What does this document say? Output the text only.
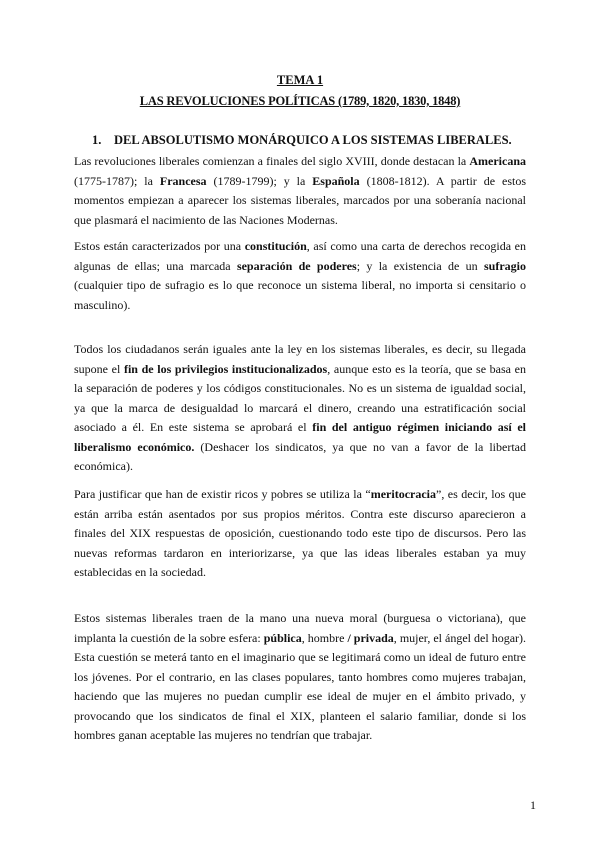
TEMA 1
LAS REVOLUCIONES POLÍTICAS (1789, 1820, 1830, 1848)
1. DEL ABSOLUTISMO MONÁRQUICO A LOS SISTEMAS LIBERALES.

Las revoluciones liberales comienzan a finales del siglo XVIII, donde destacan la Americana (1775-1787); la Francesa (1789-1799); y la Española (1808-1812). A partir de estos momentos empiezan a aparecer los sistemas liberales, marcados por una soberanía nacional que plasmará el nacimiento de las Naciones Modernas.

Estos están caracterizados por una constitución, así como una carta de derechos recogida en algunas de ellas; una marcada separación de poderes; y la existencia de un sufragio (cualquier tipo de sufragio es lo que reconoce un sistema liberal, no importa si censitario o masculino).

Todos los ciudadanos serán iguales ante la ley en los sistemas liberales, es decir, su llegada supone el fin de los privilegios institucionalizados, aunque esto es la teoría, que se basa en la separación de poderes y los códigos constitucionales. No es un sistema de igualdad social, ya que la marca de desigualdad lo marcará el dinero, creando una estratificación social asociado a él. En este sistema se aprobará el fin del antiguo régimen iniciando así el liberalismo económico. (Deshacer los sindicatos, ya que no van a favor de la libertad económica).

Para justificar que han de existir ricos y pobres se utiliza la “meritocracia”, es decir, los que están arriba están asentados por sus propios méritos. Contra este discurso aparecieron a finales del XIX respuestas de oposición, cuestionando todo este tipo de discursos. Pero las nuevas reformas tardaron en interiorizarse, ya que las ideas liberales estaban ya muy establecidas en la sociedad.

Estos sistemas liberales traen de la mano una nueva moral (burguesa o victoriana), que implanta la cuestión de la sobre esfera: pública, hombre / privada, mujer, el ángel del hogar). Esta cuestión se meterá tanto en el imaginario que se legitimará como un ideal de futuro entre los jóvenes. Por el contrario, en las clases populares, tanto hombres como mujeres trabajan, haciendo que las mujeres no puedan cumplir ese ideal de mujer en el ámbito privado, y provocando que los sindicatos de final el XIX, planteen el salario familiar, donde si los hombres ganan aceptable las mujeres no tendrían que trabajar.

1
